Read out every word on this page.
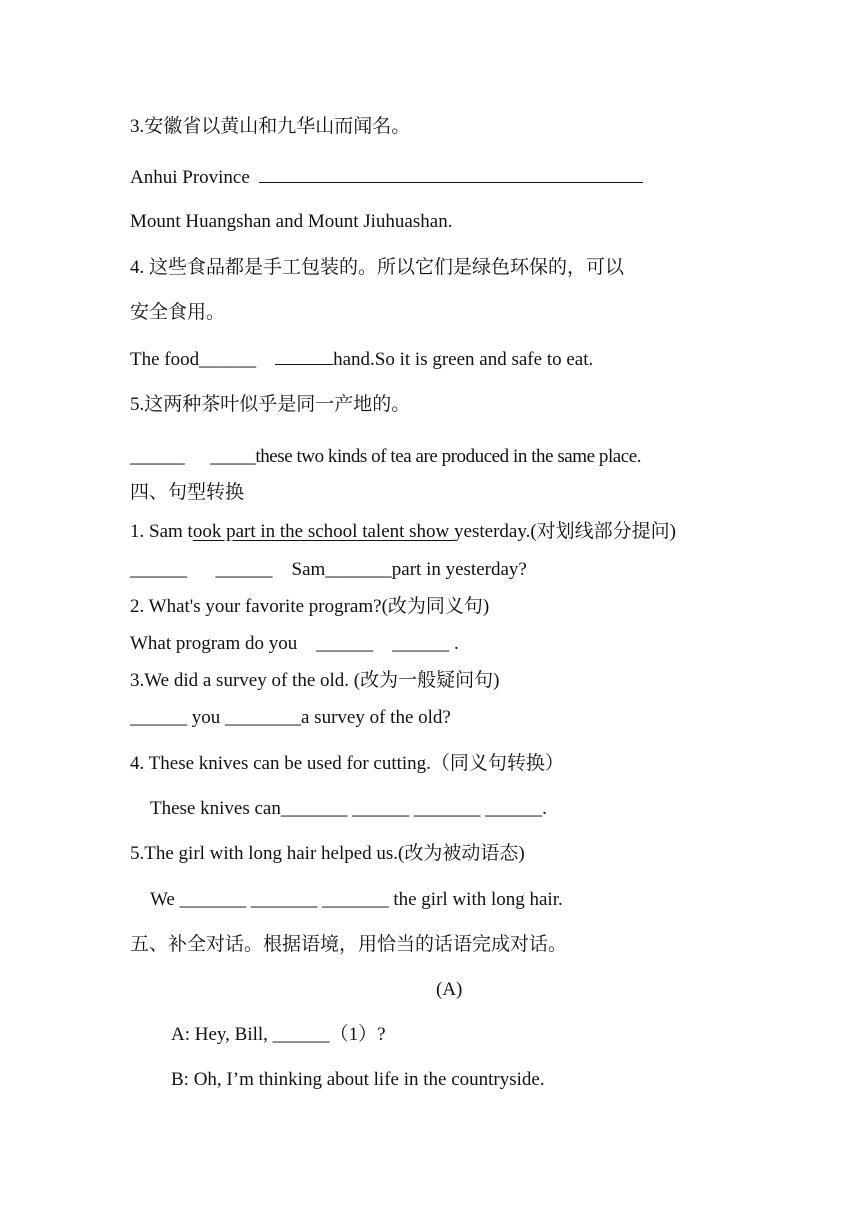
3.安徽省以黄山和九华山而闻名。
Anhui Province
Mount Huangshan and Mount Jiuhuashan.
4. 这些食品都是手工包装的。所以它们是绿色环保的，可以
安全食用。
The food______	hand.So it is green and safe to eat.
5.这两种茶叶似乎是同一产地的。
______ _____these two kinds of tea are produced in the same place.
四、句型转换
1. Sam took part in the school talent show yesterday.(对划线部分提问)
______      ______    Sam_______part in yesterday?
2. What's your favorite program?(改为同义句)
What program do you    ______    ______ .
3.We did a survey of the old. (改为一般疑问句)
______ you ________a survey of the old?
4. These knives can be used for cutting.（同义句转换）
These knives can_______ ______ _______ ______.
5.The girl with long hair helped us.(改为被动语态)
We _______ _______ _______ the girl with long hair.
五、补全对话。根据语境，用恰当的话语完成对话。
(A)
A: Hey, Bill, ______（1）?
B: Oh, I’m thinking about life in the countryside.
